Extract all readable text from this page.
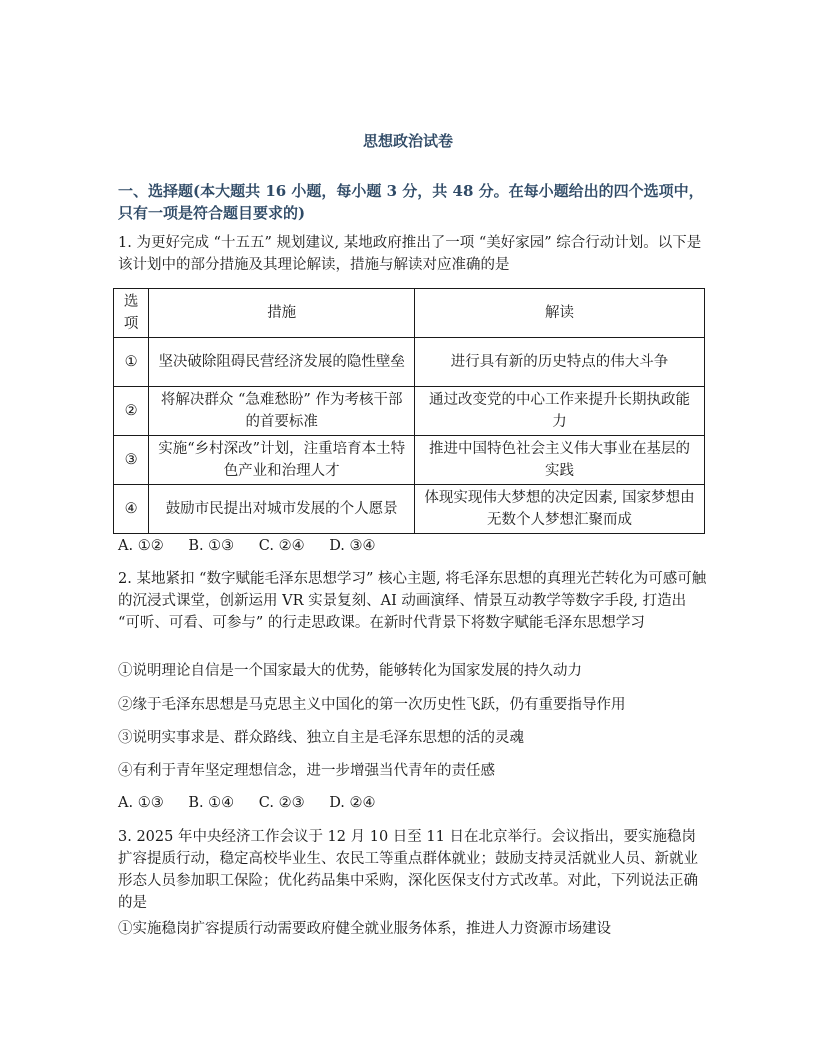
思想政治试卷
一、选择题(本大题共 16 小题，每小题 3 分，共 48 分。在每小题给出的四个选项中，只有一项是符合题目要求的)
1. 为更好完成 “十五五” 规划建议, 某地政府推出了一项 “美好家园” 综合行动计划。以下是该计划中的部分措施及其理论解读，措施与解读对应准确的是
选项	措施	解读
①	坚决破除阻碍民营经济发展的隐性壁垒	进行具有新的历史特点的伟大斗争
②	将解决群众 “急难愁盼” 作为考核干部的首要标准	通过改变党的中心工作来提升长期执政能力
③	实施“乡村深改”计划，注重培育本土特色产业和治理人才	推进中国特色社会主义伟大事业在基层的实践
④	鼓励市民提出对城市发展的个人愿景	体现实现伟大梦想的决定因素, 国家梦想由无数个人梦想汇聚而成
A. ①② B. ①③ C. ②④ D. ③④
2. 某地紧扣 “数字赋能毛泽东思想学习” 核心主题, 将毛泽东思想的真理光芒转化为可感可触的沉浸式课堂，创新运用 VR 实景复刻、AI 动画演绎、情景互动教学等数字手段, 打造出 “可听、可看、可参与” 的行走思政课。在新时代背景下将数字赋能毛泽东思想学习
①说明理论自信是一个国家最大的优势，能够转化为国家发展的持久动力
②缘于毛泽东思想是马克思主义中国化的第一次历史性飞跃，仍有重要指导作用
③说明实事求是、群众路线、独立自主是毛泽东思想的活的灵魂
④有利于青年坚定理想信念，进一步增强当代青年的责任感
A. ①③ B. ①④ C. ②③ D. ②④
3. 2025 年中央经济工作会议于 12 月 10 日至 11 日在北京举行。会议指出，要实施稳岗扩容提质行动，稳定高校毕业生、农民工等重点群体就业；鼓励支持灵活就业人员、新就业形态人员参加职工保险；优化药品集中采购，深化医保支付方式改革。对此，下列说法正确的是
①实施稳岗扩容提质行动需要政府健全就业服务体系，推进人力资源市场建设
